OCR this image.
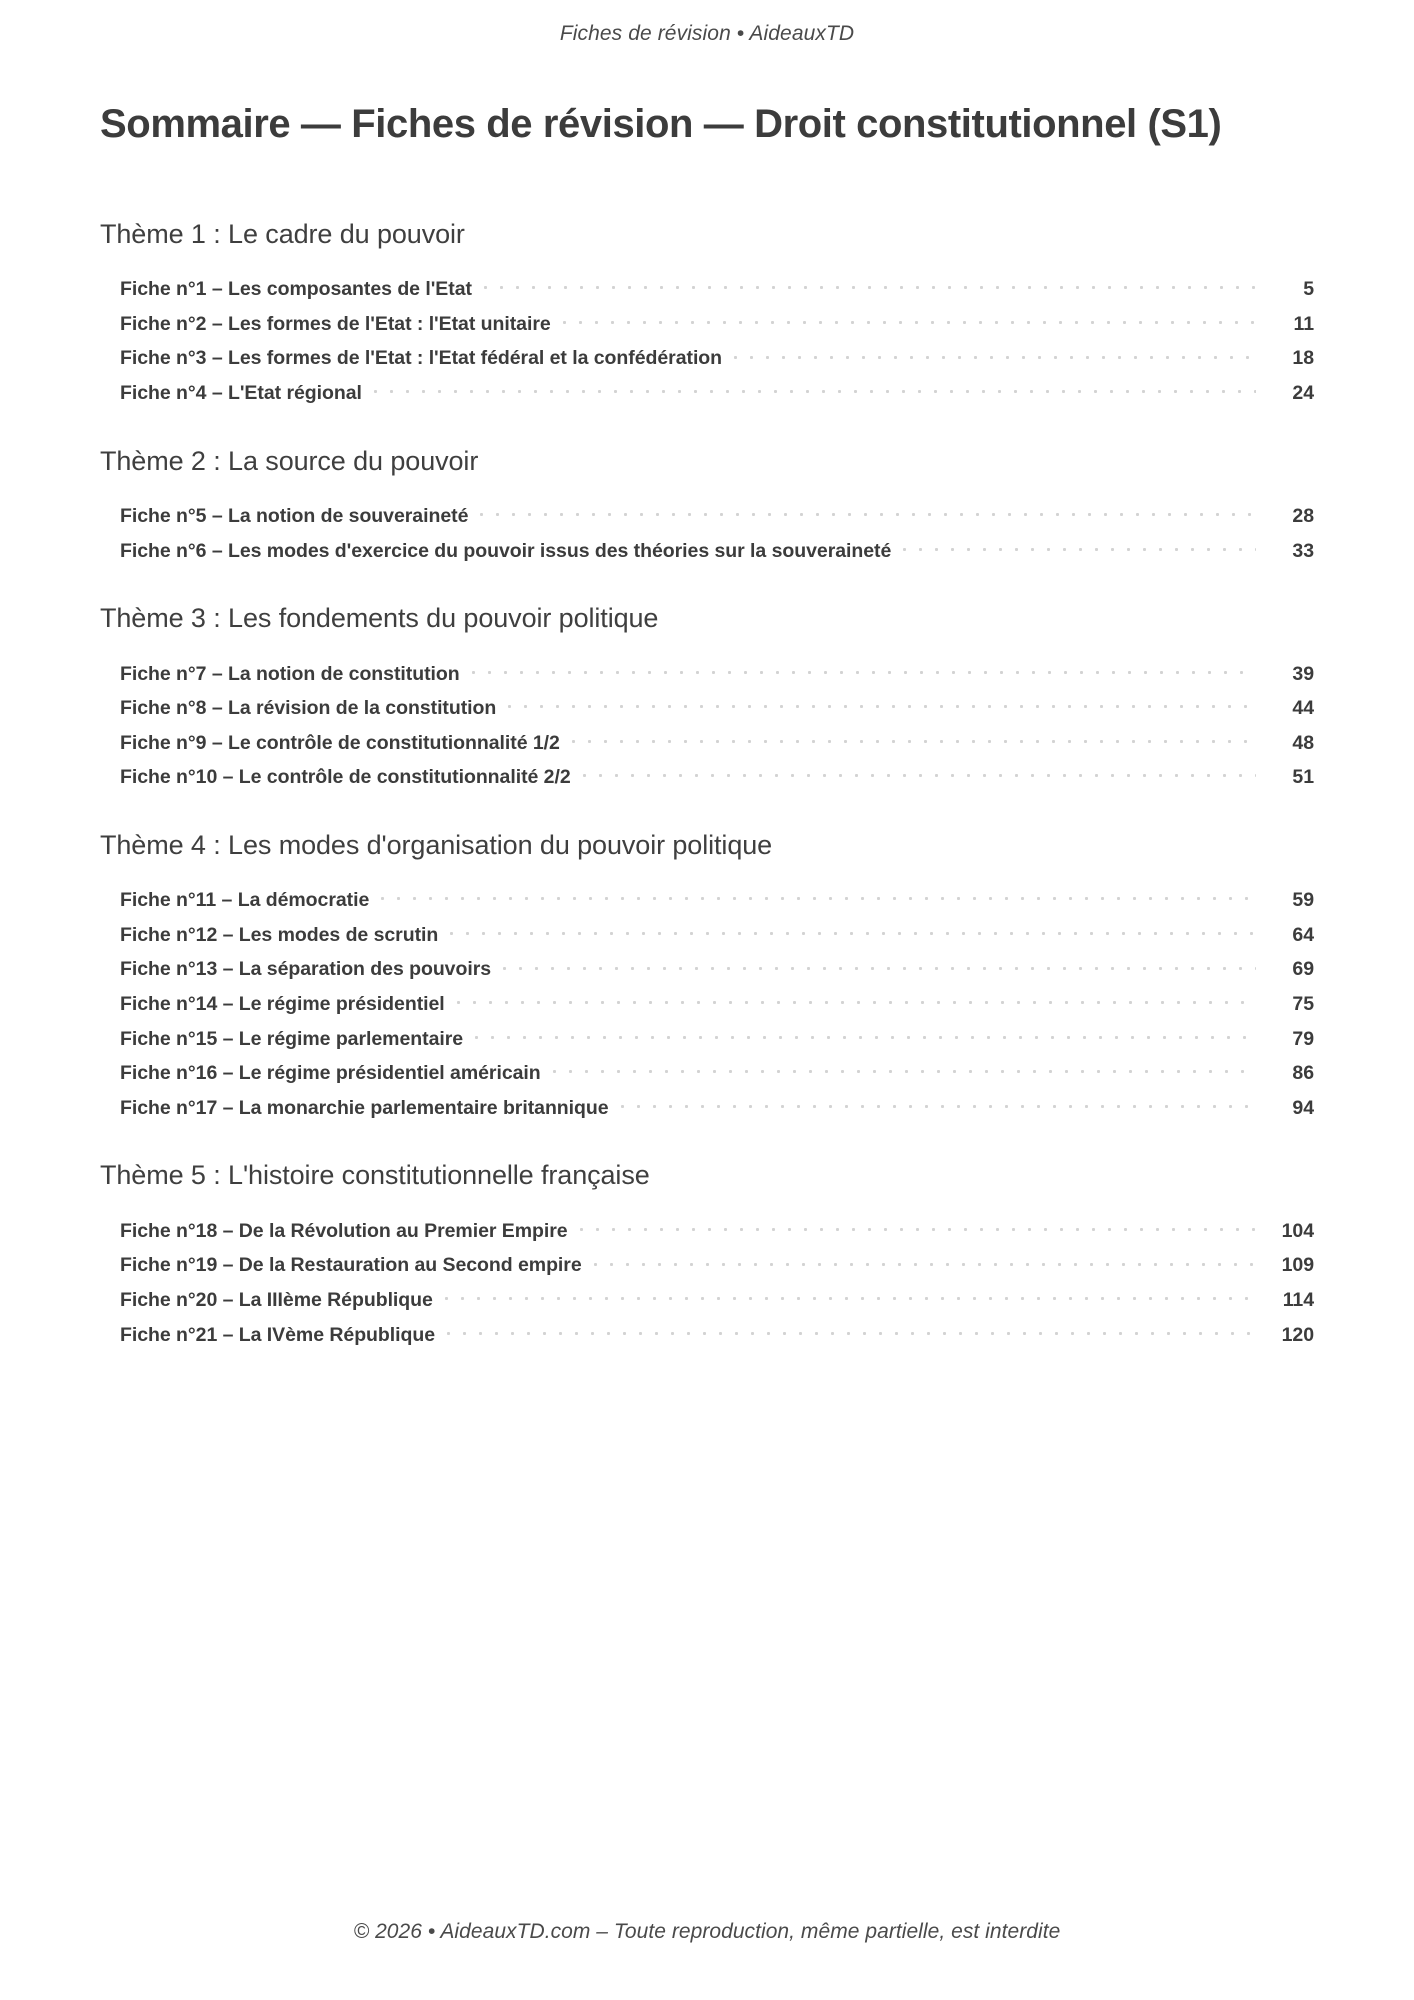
Fiches de révision • AideauxTD
Sommaire — Fiches de révision — Droit constitutionnel (S1)
Thème 1 : Le cadre du pouvoir
Fiche n°1 – Les composantes de l'Etat	5
Fiche n°2 – Les formes de l'Etat : l'Etat unitaire	11
Fiche n°3 – Les formes de l'Etat : l'Etat fédéral et la confédération	18
Fiche n°4 – L'Etat régional	24
Thème 2 : La source du pouvoir
Fiche n°5 – La notion de souveraineté	28
Fiche n°6 – Les modes d'exercice du pouvoir issus des théories sur la souveraineté	33
Thème 3 : Les fondements du pouvoir politique
Fiche n°7 – La notion de constitution	39
Fiche n°8 – La révision de la constitution	44
Fiche n°9 – Le contrôle de constitutionnalité 1/2	48
Fiche n°10 – Le contrôle de constitutionnalité 2/2	51
Thème 4 : Les modes d'organisation du pouvoir politique
Fiche n°11 – La démocratie	59
Fiche n°12 – Les modes de scrutin	64
Fiche n°13 – La séparation des pouvoirs	69
Fiche n°14 – Le régime présidentiel	75
Fiche n°15 – Le régime parlementaire	79
Fiche n°16 – Le régime présidentiel américain	86
Fiche n°17 – La monarchie parlementaire britannique	94
Thème 5 : L'histoire constitutionnelle française
Fiche n°18 – De la Révolution au Premier Empire	104
Fiche n°19 – De la Restauration au Second empire	109
Fiche n°20 – La IIIème République	114
Fiche n°21 – La IVème République	120
© 2026 • AideauxTD.com – Toute reproduction, même partielle, est interdite
